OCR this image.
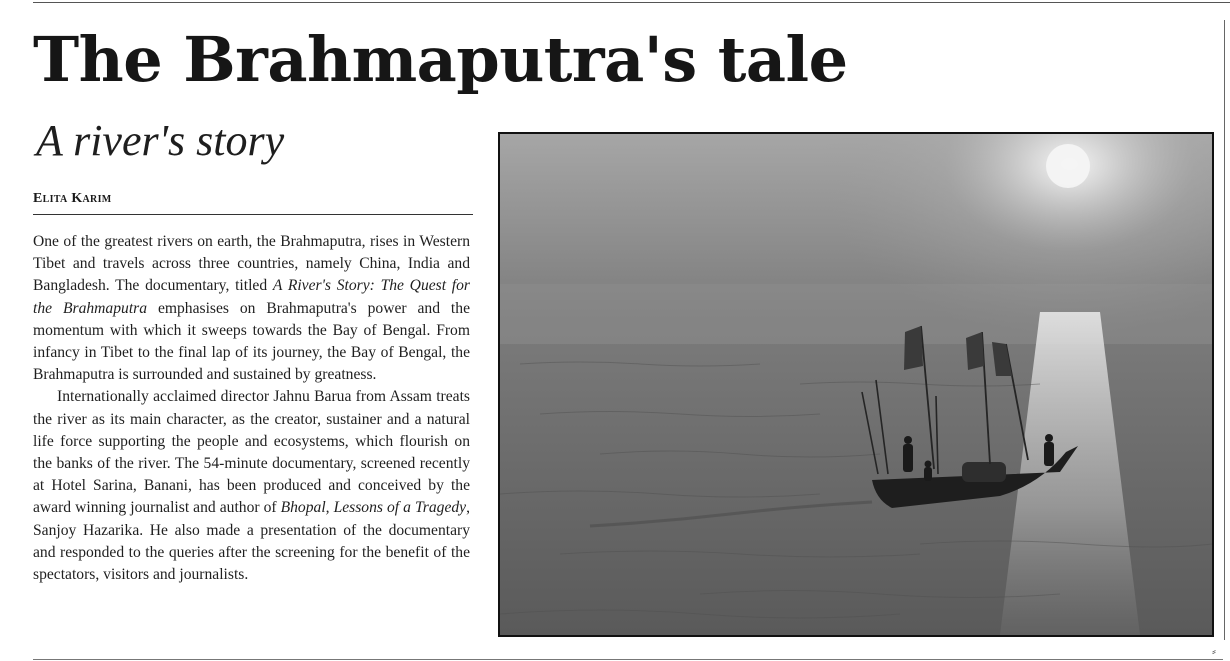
The Brahmaputra's tale
A river's story
Elita Karim

One of the greatest rivers on earth, the Brahmaputra, rises in Western Tibet and travels across three countries, namely China, India and Bangladesh. The documentary, titled A River's Story: The Quest for the Brahmaputra emphasises on Brahmaputra's power and the momentum with which it sweeps towards the Bay of Bengal. From infancy in Tibet to the final lap of its journey, the Bay of Bengal, the Brahmaputra is surrounded and sustained by greatness.

Internationally acclaimed director Jahnu Barua from Assam treats the river as its main character, as the creator, sustainer and a natural life force supporting the people and ecosystems, which flourish on the banks of the river. The 54-minute documentary, screened recently at Hotel Sarina, Banani, has been produced and conceived by the award winning journalist and author of Bhopal, Lessons of a Tragedy, Sanjoy Hazarika. He also made a presentation of the documentary and responded to the queries after the screening for the benefit of the spectators, visitors and journalists.

⸗
